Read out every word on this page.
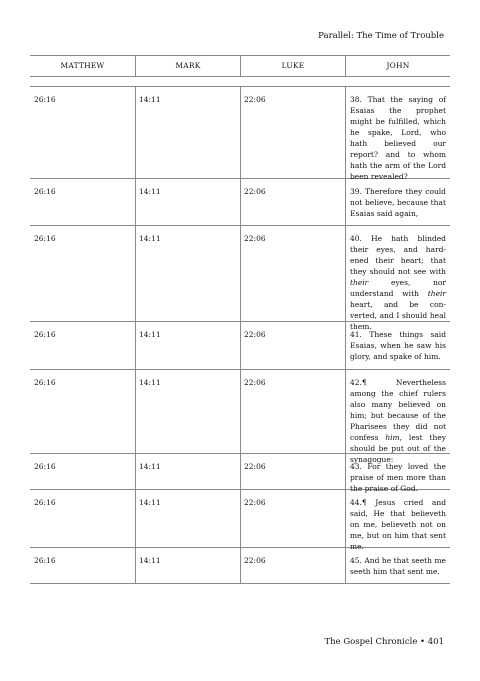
Parallel: The Time of Trouble
MATTHEW	MARK	LUKE	JOHN
26:16	14:11	22:06	38. That the saying of Esaias the prophet might be fulfilled, which he spake, Lord, who hath believed our report? and to whom hath the arm of the Lord been revealed?
26:16	14:11	22:06	39. Therefore they could not believe, because that Esaias said again,
26:16	14:11	22:06	40. He hath blinded their eyes, and hard-ened their heart; that they should not see with their eyes, nor understand with their heart, and be con-verted, and I should heal them.
26:16	14:11	22:06	41. These things said Esaias, when he saw his glory, and spake of him.
26:16	14:11	22:06	42.¶ Nevertheless among the chief rulers also many believed on him; but because of the Pharisees they did not confess him, lest they should be put out of the synagogue:
26:16	14:11	22:06	43. For they loved the praise of men more than the praise of God.
26:16	14:11	22:06	44.¶ Jesus cried and said, He that believeth on me, believeth not on me, but on him that sent me.
26:16	14:11	22:06	45. And he that seeth me seeth him that sent me.
The Gospel Chronicle • 401
